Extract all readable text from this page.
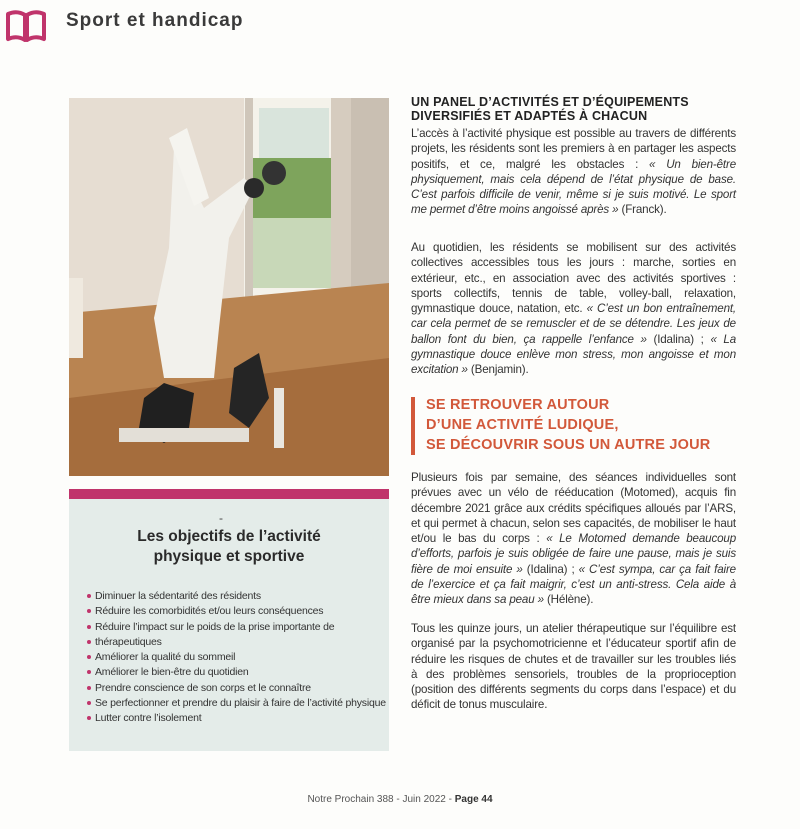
Sport et handicap
-
Les objectifs de l’activité
physique et sportive
Diminuer la sédentarité des résidents
Réduire les comorbidités et/ou leurs conséquences
Réduire l’impact sur le poids de la prise importante de
thérapeutiques
Améliorer la qualité du sommeil
Améliorer le bien-être du quotidien
Prendre conscience de son corps et le connaître
Se perfectionner et prendre du plaisir à faire de l’activité physique
Lutter contre l’isolement
UN PANEL D’ACTIVITÉS ET D’ÉQUIPEMENTS
DIVERSIFIÉS ET ADAPTÉS À CHACUN
L’accès à l’activité physique est possible au travers de différents projets, les résidents sont les premiers à en partager les aspects positifs, et ce, malgré les obstacles : « Un bien-être physiquement, mais cela dépend de l’état physique de base. C’est parfois difficile de venir, même si je suis motivé. Le sport me permet d’être moins angoissé après » (Franck).
Au quotidien, les résidents se mobilisent sur des activités collectives accessibles tous les jours : marche, sorties en extérieur, etc., en association avec des activités sportives : sports collectifs, tennis de table, volley-ball, relaxation, gymnastique douce, natation, etc. « C’est un bon entraînement, car cela permet de se remuscler et de se détendre. Les jeux de ballon font du bien, ça rappelle l’enfance » (Idalina) ; « La gymnastique douce enlève mon stress, mon angoisse et mon excitation » (Benjamin).
SE RETROUVER AUTOUR
D’UNE ACTIVITÉ LUDIQUE,
SE DÉCOUVRIR SOUS UN AUTRE JOUR
Plusieurs fois par semaine, des séances individuelles sont prévues avec un vélo de rééducation (Motomed), acquis fin décembre 2021 grâce aux crédits spécifiques alloués par l’ARS, et qui permet à chacun, selon ses capacités, de mobiliser le haut et/ou le bas du corps : « Le Motomed demande beaucoup d’efforts, parfois je suis obligée de faire une pause, mais je suis fière de moi ensuite » (Idalina) ; « C’est sympa, car ça fait faire de l’exercice et ça fait maigrir, c’est un anti-stress. Cela aide à être mieux dans sa peau » (Hélène).
Tous les quinze jours, un atelier thérapeutique sur l’équilibre est organisé par la psychomotricienne et l’éducateur sportif afin de réduire les risques de chutes et de travailler sur les troubles liés à des problèmes sensoriels, troubles de la proprioception (position des différents segments du corps dans l’espace) et du déficit de tonus musculaire.
Notre Prochain 388 - Juin 2022 - Page 44
